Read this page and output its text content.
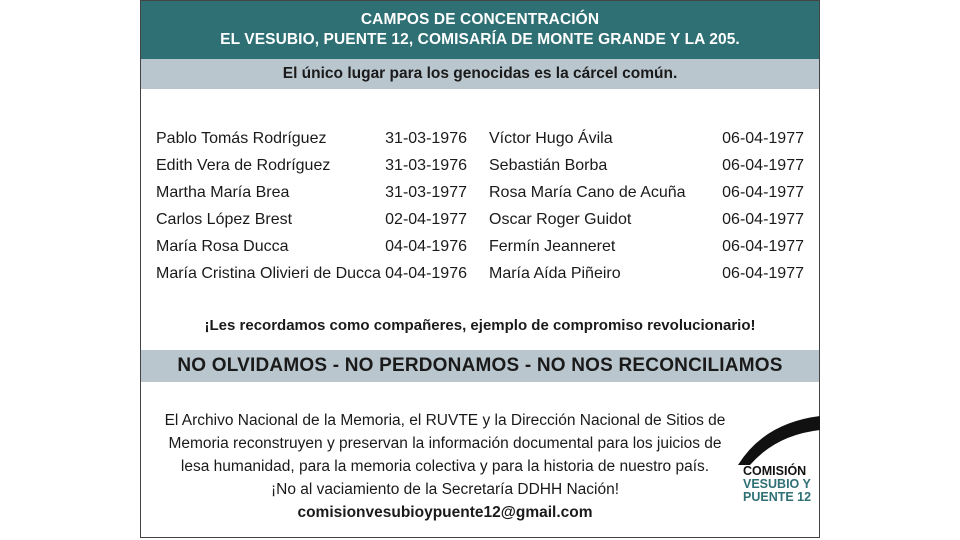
CAMPOS DE CONCENTRACIÓN
EL VESUBIO, PUENTE 12, COMISARÍA DE MONTE GRANDE Y LA 205.
El único lugar para los genocidas es la cárcel común.
Pablo Tomás Rodríguez	31-03-1976
Edith Vera de Rodríguez	31-03-1976
Martha María Brea	31-03-1977
Carlos López Brest	02-04-1977
María Rosa Ducca	04-04-1976
María Cristina Olivieri de Ducca 04-04-1976
Víctor Hugo Ávila	06-04-1977
Sebastián Borba	06-04-1977
Rosa María Cano de Acuña 06-04-1977
Oscar Roger Guidot	06-04-1977
Fermín Jeanneret	06-04-1977
María Aída Piñeiro	06-04-1977
¡Les recordamos como compañeres, ejemplo de compromiso revolucionario!
NO OLVIDAMOS - NO PERDONAMOS - NO NOS RECONCILIAMOS
El Archivo Nacional de la Memoria, el RUVTE y la Dirección Nacional de Sitios de
Memoria reconstruyen y preservan la información documental para los juicios de
lesa humanidad, para la memoria colectiva y para la historia de nuestro país.
¡No al vaciamiento de la Secretaría DDHH Nación!
comisionvesubioypuente12@gmail.com
COMISIÓN
VESUBIO Y
PUENTE 12
